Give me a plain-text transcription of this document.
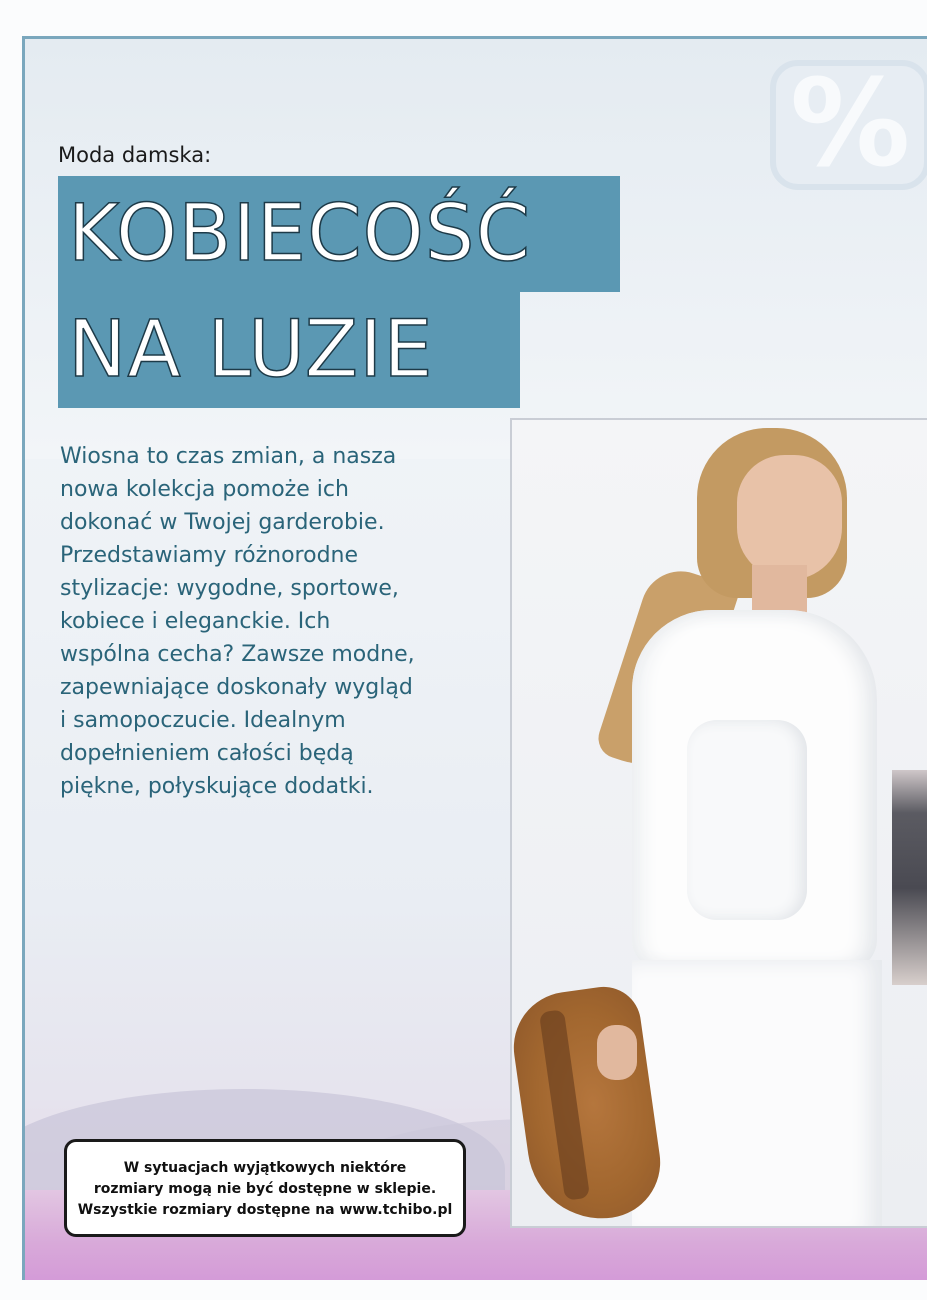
%
Moda damska:
KOBIECOŚĆ
NA LUZIE
Wiosna to czas zmian, a nasza
nowa kolekcja pomoże ich
dokonać w Twojej garderobie.
Przedstawiamy różnorodne
stylizacje: wygodne, sportowe,
kobiece i eleganckie. Ich
wspólna cecha? Zawsze modne,
zapewniające doskonały wygląd
i samopoczucie. Idealnym
dopełnieniem całości będą
piękne, połyskujące dodatki.
W sytuacjach wyjątkowych niektóre
rozmiary mogą nie być dostępne w sklepie.
Wszystkie rozmiary dostępne na www.tchibo.pl
